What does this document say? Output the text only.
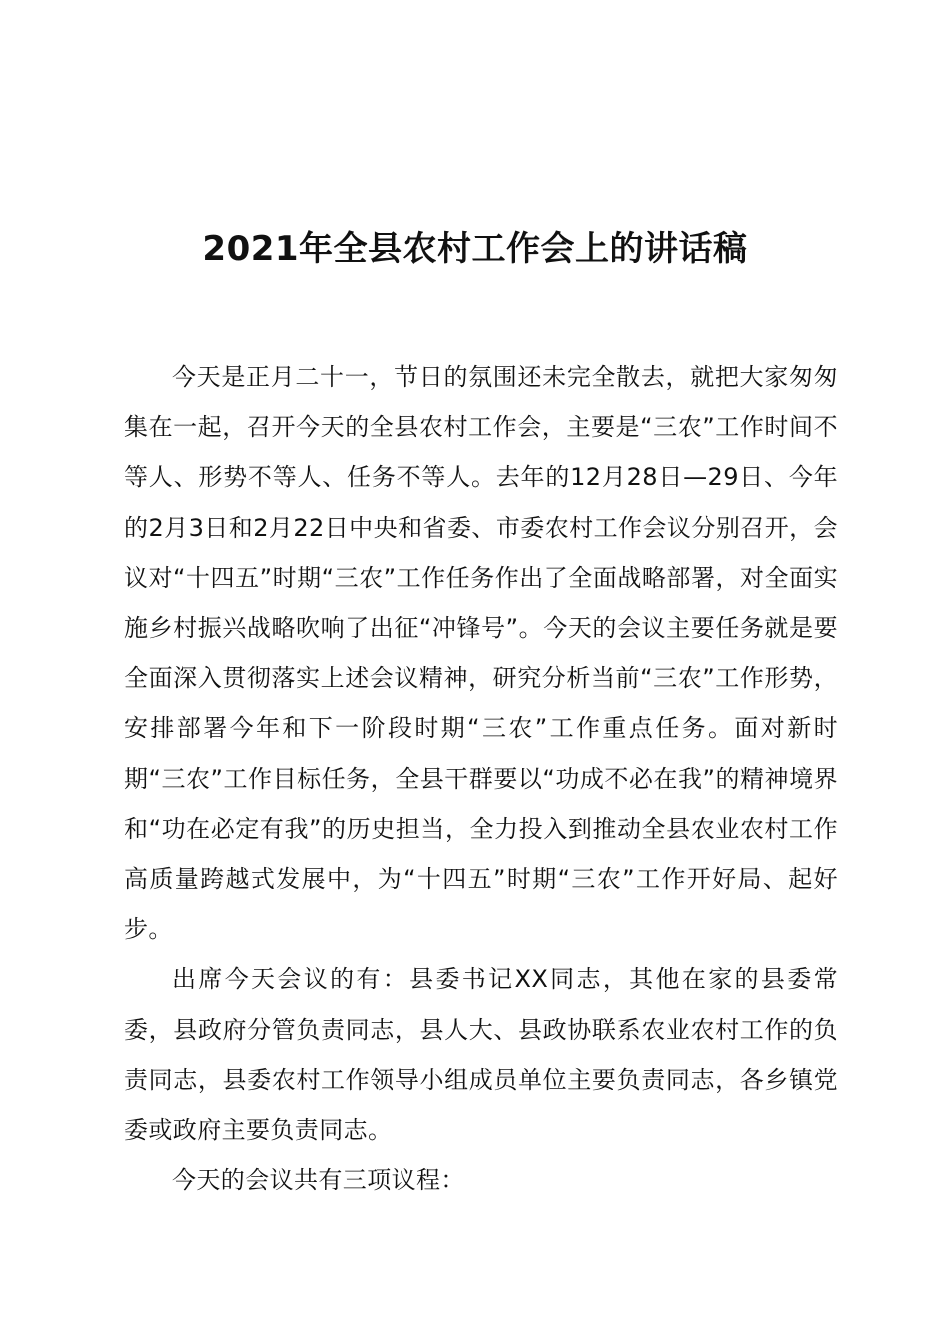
2021年全县农村工作会上的讲话稿

今天是正月二十一，节日的氛围还未完全散去，就把大家匆匆集在一起，召开今天的全县农村工作会，主要是“三农”工作时间不等人、形势不等人、任务不等人。去年的12月28日—29日、今年的2月3日和2月22日中央和省委、市委农村工作会议分别召开，会议对“十四五”时期“三农”工作任务作出了全面战略部署，对全面实施乡村振兴战略吹响了出征“冲锋号”。今天的会议主要任务就是要全面深入贯彻落实上述会议精神，研究分析当前“三农”工作形势，安排部署今年和下一阶段时期“三农”工作重点任务。面对新时期“三农”工作目标任务，全县干群要以“功成不必在我”的精神境界和“功在必定有我”的历史担当，全力投入到推动全县农业农村工作高质量跨越式发展中，为“十四五”时期“三农”工作开好局、起好步。

出席今天会议的有：县委书记XX同志，其他在家的县委常委，县政府分管负责同志，县人大、县政协联系农业农村工作的负责同志，县委农村工作领导小组成员单位主要负责同志，各乡镇党委或政府主要负责同志。

今天的会议共有三项议程：
